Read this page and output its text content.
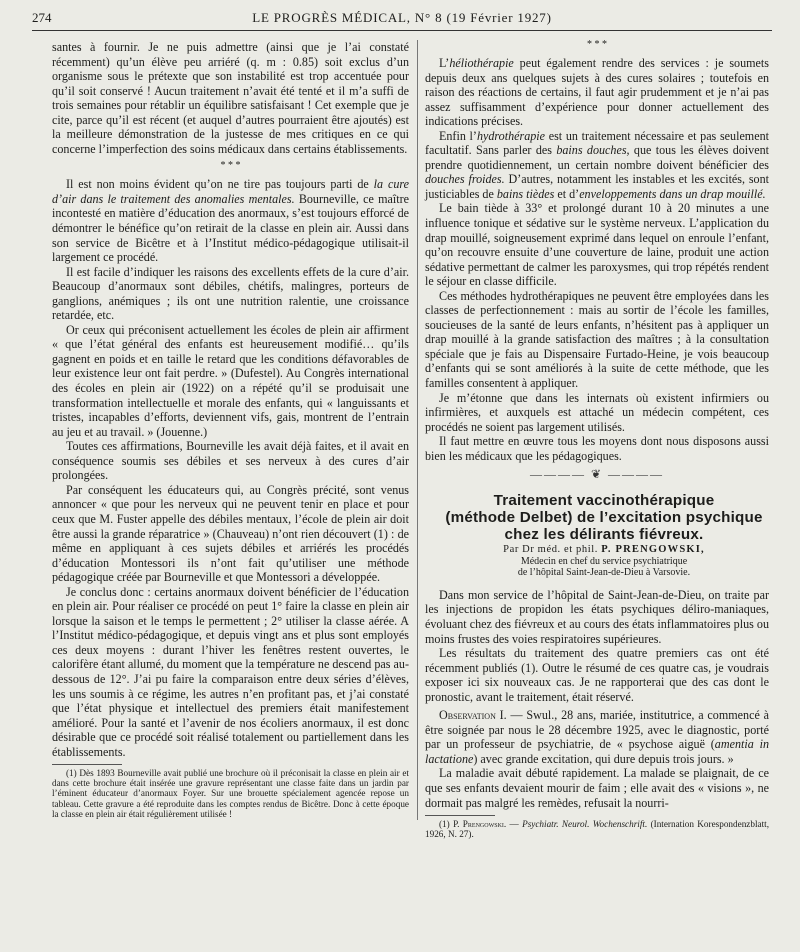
274	LE PROGRÈS MÉDICAL, N° 8 (19 Février 1927)

santes à fournir. Je ne puis admettre (ainsi que je l’ai constaté récemment) qu’un élève peu arriéré (q. m : 0.85) soit exclus d’un organisme sous le prétexte que son instabilité est trop accentuée pour qu’il soit conservé ! Aucun traitement n’avait été tenté et il m’a suffi de trois semaines pour rétablir un équilibre satisfaisant ! Cet exemple que je cite, parce qu’il est récent (et auquel d’autres pourraient être ajoutés) est la meilleure démonstration de la justesse de mes critiques en ce qui concerne l’imperfection des soins médicaux dans certains établissements.

* * *

Il est non moins évident qu’on ne tire pas toujours parti de la cure d’air dans le traitement des anomalies mentales. Bourneville, ce maître incontesté en matière d’éducation des anormaux, s’est toujours efforcé de démontrer le bénéfice qu’on retirait de la classe en plein air. Aussi dans son service de Bicêtre et à l’Institut médico-pédagogique utilisait-il largement ce procédé.

Il est facile d’indiquer les raisons des excellents effets de la cure d’air. Beaucoup d’anormaux sont débiles, chétifs, malingres, porteurs de ganglions, anémiques ; ils ont une nutrition ralentie, une croissance retardée, etc.

Or ceux qui préconisent actuellement les écoles de plein air affirment « que l’état général des enfants est heureusement modifié… qu’ils gagnent en poids et en taille le retard que les conditions défavorables de leur existence leur ont fait perdre. » (Dufestel). Au Congrès international des écoles en plein air (1922) on a répété qu’il se produisait une transformation intellectuelle et morale des enfants, qui « languissants et tristes, incapables d’efforts, deviennent vifs, gais, montrent de l’entrain au jeu et au travail. » (Jouenne.)

Toutes ces affirmations, Bourneville les avait déjà faites, et il avait en conséquence soumis ses débiles et ses nerveux à des cures d’air prolongées.

Par conséquent les éducateurs qui, au Congrès précité, sont venus annoncer « que pour les nerveux qui ne peuvent tenir en place et pour ceux que M. Fuster appelle des débiles mentaux, l’école de plein air doit être aussi la grande réparatrice » (Chauveau) n’ont rien découvert (1) : de même en appliquant à ces sujets débiles et arriérés les procédés d’éducation Montessori ils n’ont fait qu’utiliser une méthode pédagogique créée par Bourneville et que Montessori a développée.

Je conclus donc : certains anormaux doivent bénéficier de l’éducation en plein air. Pour réaliser ce procédé on peut 1° faire la classe en plein air lorsque la saison et le temps le permettent ; 2° utiliser la classe aérée. A l’Institut médico-pédagogique, et depuis vingt ans et plus sont employés ces deux moyens : durant l’hiver les fenêtres restent ouvertes, le calorifère étant allumé, du moment que la température ne descend pas au-dessous de 12°. J’ai pu faire la comparaison entre deux séries d’élèves, les uns soumis à ce régime, les autres n’en profitant pas, et j’ai constaté que l’état physique et intellectuel des premiers était manifestement amélioré. Pour la santé et l’avenir de nos écoliers anormaux, il est donc désirable que ce procédé soit réalisé totalement ou partiellement dans les établissements.

(1) Dès 1893 Bourneville avait publié une brochure où il préconisait la classe en plein air et dans cette brochure était insérée une gravure représentant une classe faite dans un jardin par l’éminent éducateur d’anormaux Foyer. Sur une brouette spécialement agencée repose un tableau. Cette gravure a été reproduite dans les comptes rendus de Bicêtre. Donc à cette époque la classe en plein air était régulièrement utilisée !

* * *

L’héliothérapie peut également rendre des services : je soumets depuis deux ans quelques sujets à des cures solaires ; toutefois en raison des réactions de certains, il faut agir prudemment et je n’ai pas assez suffisamment d’expérience pour donner actuellement des indications précises.

Enfin l’hydrothérapie est un traitement nécessaire et pas seulement facultatif. Sans parler des bains douches, que tous les élèves doivent prendre quotidiennement, un certain nombre doivent bénéficier des douches froides. D’autres, notamment les instables et les excités, sont justiciables de bains tièdes et d’enveloppements dans un drap mouillé.

Le bain tiède à 33° et prolongé durant 10 à 20 minutes a une influence tonique et sédative sur le système nerveux. L’application du drap mouillé, soigneusement exprimé dans lequel on enroule l’enfant, qu’on recouvre ensuite d’une couverture de laine, produit une action sédative permettant de calmer les paroxysmes, qui trop répétés rendent le séjour en classe difficile.

Ces méthodes hydrothérapiques ne peuvent être employées dans les classes de perfectionnement : mais au sortir de l’école les familles, soucieuses de la santé de leurs enfants, n’hésitent pas à appliquer un drap mouillé à la grande satisfaction des maîtres ; à la consultation spéciale que je fais au Dispensaire Furtado-Heine, je vois beaucoup d’enfants qui se sont améliorés à la suite de cette méthode, que les familles consentent à appliquer.

Je m’étonne que dans les internats où existent infirmiers ou infirmières, et auxquels est attaché un médecin compétent, ces procédés ne soient pas largement utilisés.

Il faut mettre en œuvre tous les moyens dont nous disposons aussi bien les médicaux que les pédagogiques.

———— ❦ ————

Traitement vaccinothérapique

(méthode Delbet) de l’excitation psychique

chez les délirants fiévreux.

Par Dr méd. et phil. P. PRENGOWSKI,

Médecin en chef du service psychiatrique

de l’hôpital Saint-Jean-de-Dieu à Varsovie.

Dans mon service de l’hôpital de Saint-Jean-de-Dieu, on traite par les injections de propidon les états psychiques déliro-maniaques, évoluant chez des fiévreux et au cours des états inflammatoires plus ou moins frustes des voies respiratoires supérieures.

Les résultats du traitement des quatre premiers cas ont été récemment publiés (1). Outre le résumé de ces quatre cas, je voudrais exposer ici six nouveaux cas. Je ne rapporterai que des cas dont le pronostic, avant le traitement, était réservé.

Observation I. — Swul., 28 ans, mariée, institutrice, a commencé à être soignée par nous le 28 décembre 1925, avec le diagnostic, porté par un professeur de psychiatrie, de « psychose aiguë (amentia in lactatione) avec grande excitation, qui dure depuis trois jours. »

La maladie avait débuté rapidement. La malade se plaignait, de ce que ses enfants devaient mourir de faim ; elle avait des « visions », ne dormait pas malgré les remèdes, refusait la nourri-

(1) P. Prengowski. — Psychiatr. Neurol. Wochenschrift. (Internation Korespondenzblatt, 1926, N. 27).
